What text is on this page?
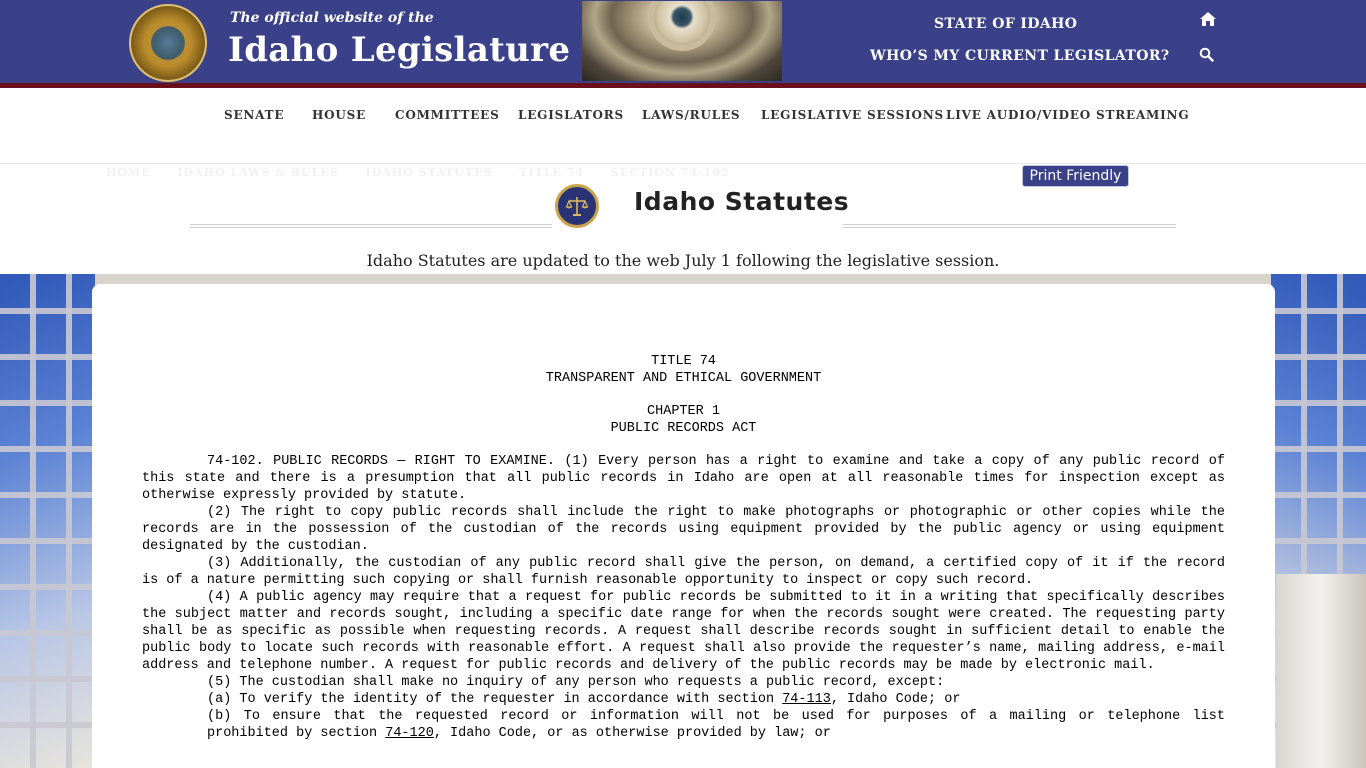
The official website of the
Idaho Legislature
STATE OF IDAHO
WHO’S MY CURRENT LEGISLATOR?
SENATE HOUSE COMMITTEES LEGISLATORS LAWS/RULES LEGISLATIVE SESSIONS LIVE AUDIO/VIDEO STREAMING
HOME IDAHO LAWS & RULES IDAHO STATUTES TITLE 74 SECTION 74-102	Print Friendly
Idaho Statutes
Idaho Statutes are updated to the web July 1 following the legislative session.
TITLE 74
TRANSPARENT AND ETHICAL GOVERNMENT
CHAPTER 1
PUBLIC RECORDS ACT
74-102. PUBLIC RECORDS — RIGHT TO EXAMINE. (1) Every person has a right to examine and take a copy of any public record of this state and there is a presumption that all public records in Idaho are open at all reasonable times for inspection except as otherwise expressly provided by statute.
(2) The right to copy public records shall include the right to make photographs or photographic or other copies while the records are in the possession of the custodian of the records using equipment provided by the public agency or using equipment designated by the custodian.
(3) Additionally, the custodian of any public record shall give the person, on demand, a certified copy of it if the record is of a nature permitting such copying or shall furnish reasonable opportunity to inspect or copy such record.
(4) A public agency may require that a request for public records be submitted to it in a writing that specifically describes the subject matter and records sought, including a specific date range for when the records sought were created. The requesting party shall be as specific as possible when requesting records. A request shall describe records sought in sufficient detail to enable the public body to locate such records with reasonable effort. A request shall also provide the requester’s name, mailing address, e-mail address and telephone number. A request for public records and delivery of the public records may be made by electronic mail.
(5) The custodian shall make no inquiry of any person who requests a public record, except:
(a) To verify the identity of the requester in accordance with section 74-113, Idaho Code; or
(b) To ensure that the requested record or information will not be used for purposes of a mailing or telephone list prohibited by section 74-120, Idaho Code, or as otherwise provided by law; or
